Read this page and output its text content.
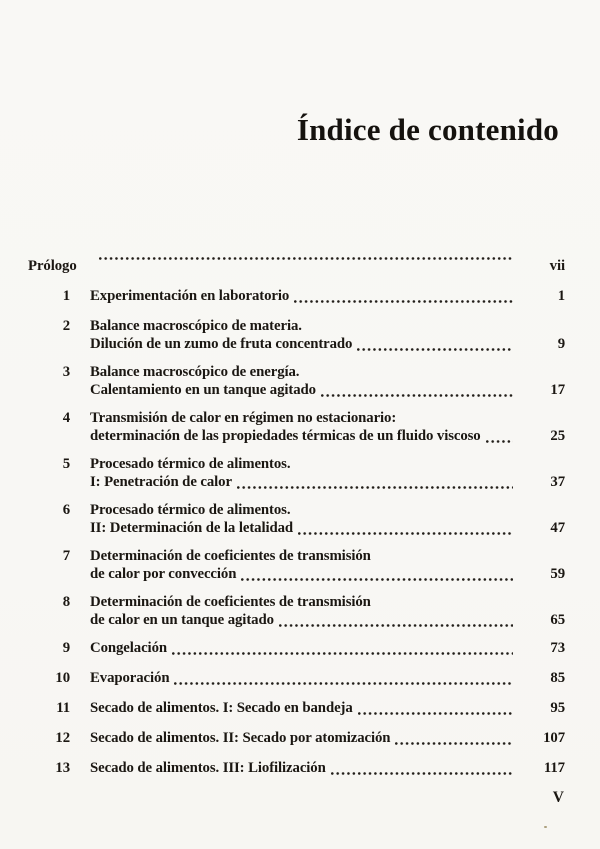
Índice de contenido
Prólogo	vii
1 Experimentación en laboratorio	1
2 Balance macroscópico de materia.
Dilución de un zumo de fruta concentrado	9
3 Balance macroscópico de energía.
Calentamiento en un tanque agitado	17
4 Transmisión de calor en régimen no estacionario:
determinación de las propiedades térmicas de un fluido viscoso	25
5 Procesado térmico de alimentos.
I: Penetración de calor	37
6 Procesado térmico de alimentos.
II: Determinación de la letalidad	47
7 Determinación de coeficientes de transmisión
de calor por convección	59
8 Determinación de coeficientes de transmisión
de calor en un tanque agitado	65
9 Congelación	73
10 Evaporación	85
11 Secado de alimentos. I: Secado en bandeja	95
12 Secado de alimentos. II: Secado por atomización	107
13 Secado de alimentos. III: Liofilización	117
V
